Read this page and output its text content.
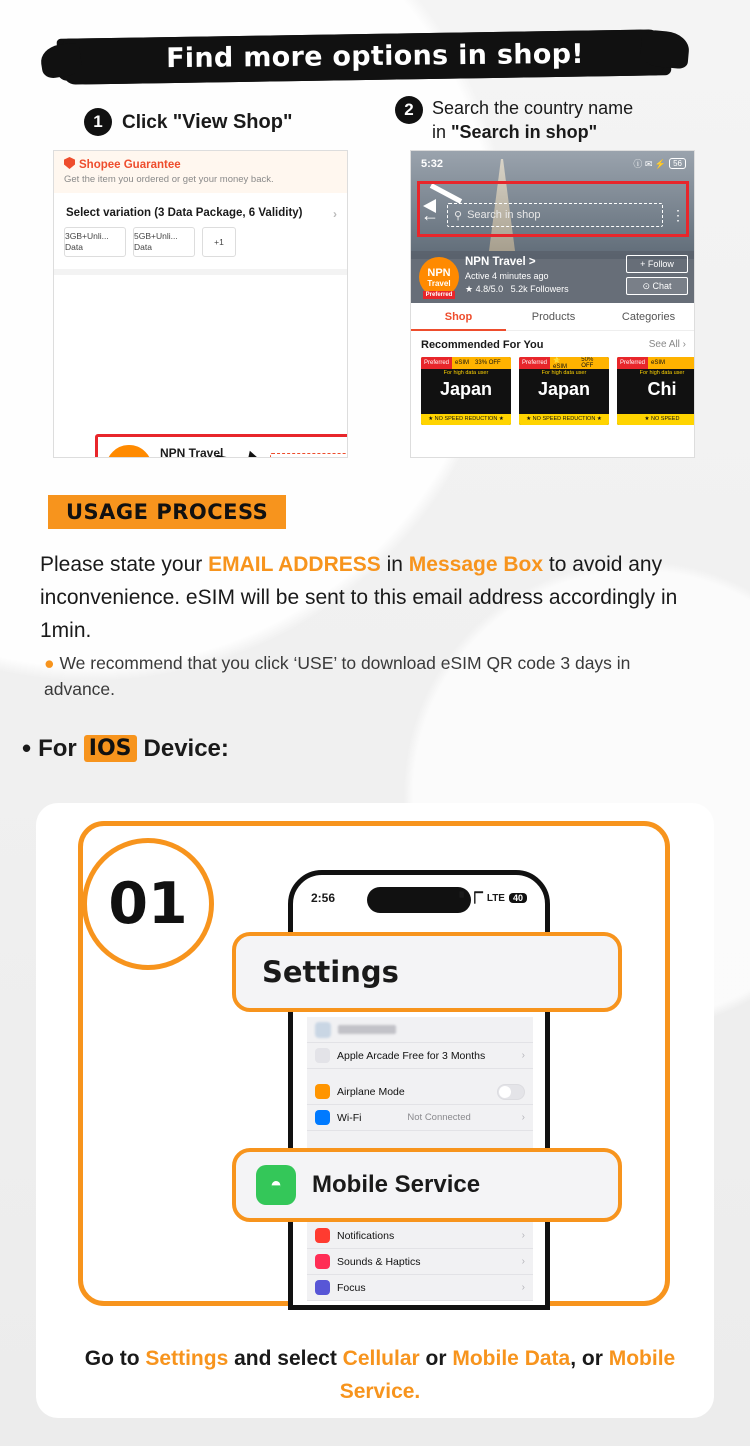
Find more options in shop!
1	Click "View Shop"
2	Search the country name
in "Search in shop"
Shopee Guarantee
Get the item you ordered or get your money back.
Select variation (3 Data Package, 6 Validity)	›
3GB+Unli... Data
5GB+Unli... Data
+1
NPN Travel
5:32	ⓘ ✉ ⚡ 56
← ⚲ Search in shop	⋮
NPN
Travel
Preferred
NPN Travel >
Active 4 minutes ago
★ 4.8/5.0 5.2k Followers
+ Follow
⊙ Chat
Shop	Products	Categories
Recommended For You	See All ›
Preferred	eSIM	33% OFF
For high data user
Japan
★ NO SPEED REDUCTION ★
Preferred	⭐ eSIM
50% OFF
For high data user
Japan
★ NO SPEED REDUCTION ★
Preferred	eSIM
For high data user
Chi
★ NO SPEED
USAGE PROCESS
Please state your EMAIL ADDRESS in Message Box to avoid any inconvenience. eSIM will be sent to this email address accordingly in 1min.
● We recommend that you click ‘USE’ to download eSIM QR code 3 days in advance.
• For IOS Device:
01	2:56	▘▕▔ LTE 40
Apple Arcade Free for 3 Months	›
Airplane Mode
Wi-Fi	Not Connected	›
Notifications	›
Sounds & Haptics	›
Focus	›
Settings
◓	Mobile Service
Go to Settings and select Cellular or Mobile Data, or Mobile Service.
